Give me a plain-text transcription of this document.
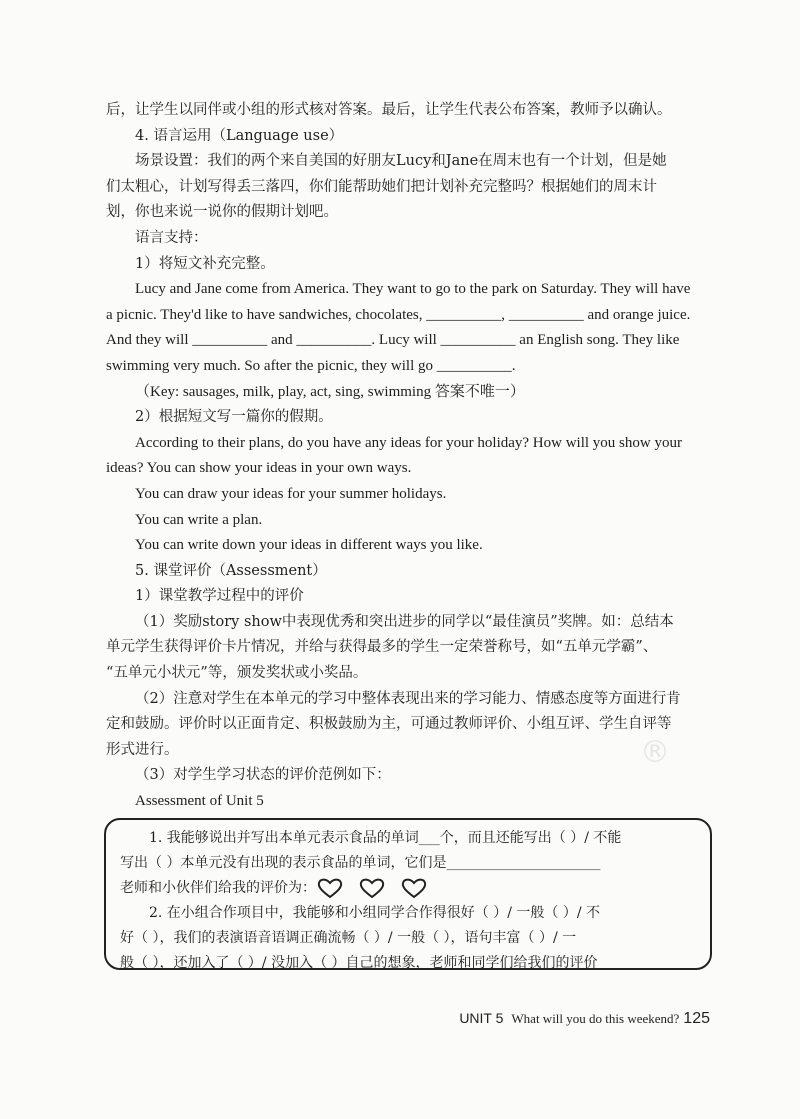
®
后，让学生以同伴或小组的形式核对答案。最后，让学生代表公布答案，教师予以确认。
4. 语言运用（Language use）
场景设置：我们的两个来自美国的好朋友Lucy和Jane在周末也有一个计划，但是她
们太粗心，计划写得丢三落四，你们能帮助她们把计划补充完整吗？根据她们的周末计
划，你也来说一说你的假期计划吧。
语言支持：
1）将短文补充完整。
Lucy and Jane come from America. They want to go to the park on Saturday. They will have
a picnic. They'd like to have sandwiches, chocolates, __________, __________ and orange juice.
And they will __________ and __________. Lucy will __________ an English song. They like
swimming very much. So after the picnic, they will go __________.
（Key: sausages, milk, play, act, sing, swimming 答案不唯一）
2）根据短文写一篇你的假期。
According to their plans, do you have any ideas for your holiday? How will you show your
ideas? You can show your ideas in your own ways.
You can draw your ideas for your summer holidays.
You can write a plan.
You can write down your ideas in different ways you like.
5. 课堂评价（Assessment）
1）课堂教学过程中的评价
（1）奖励story show中表现优秀和突出进步的同学以“最佳演员”奖牌。如：总结本
单元学生获得评价卡片情况，并给与获得最多的学生一定荣誉称号，如“五单元学霸”、
“五单元小状元”等，颁发奖状或小奖品。
（2）注意对学生在本单元的学习中整体表现出来的学习能力、情感态度等方面进行肯
定和鼓励。评价时以正面肯定、积极鼓励为主，可通过教师评价、小组互评、学生自评等
形式进行。
（3）对学生学习状态的评价范例如下：
Assessment of Unit 5
1. 我能够说出并写出本单元表示食品的单词___个，而且还能写出（ ）/ 不能
写出（ ）本单元没有出现的表示食品的单词，它们是______________________
老师和小伙伴们给我的评价为：
2. 在小组合作项目中，我能够和小组同学合作得很好（ ）/ 一般（ ）/ 不
好（ ），我们的表演语音语调正确流畅（ ）/ 一般（ ），语句丰富（ ）/ 一
般（ ），还加入了（ ）/ 没加入（ ）自己的想象，老师和同学们给我们的评价
UNIT 5 What will you do this weekend? 125
